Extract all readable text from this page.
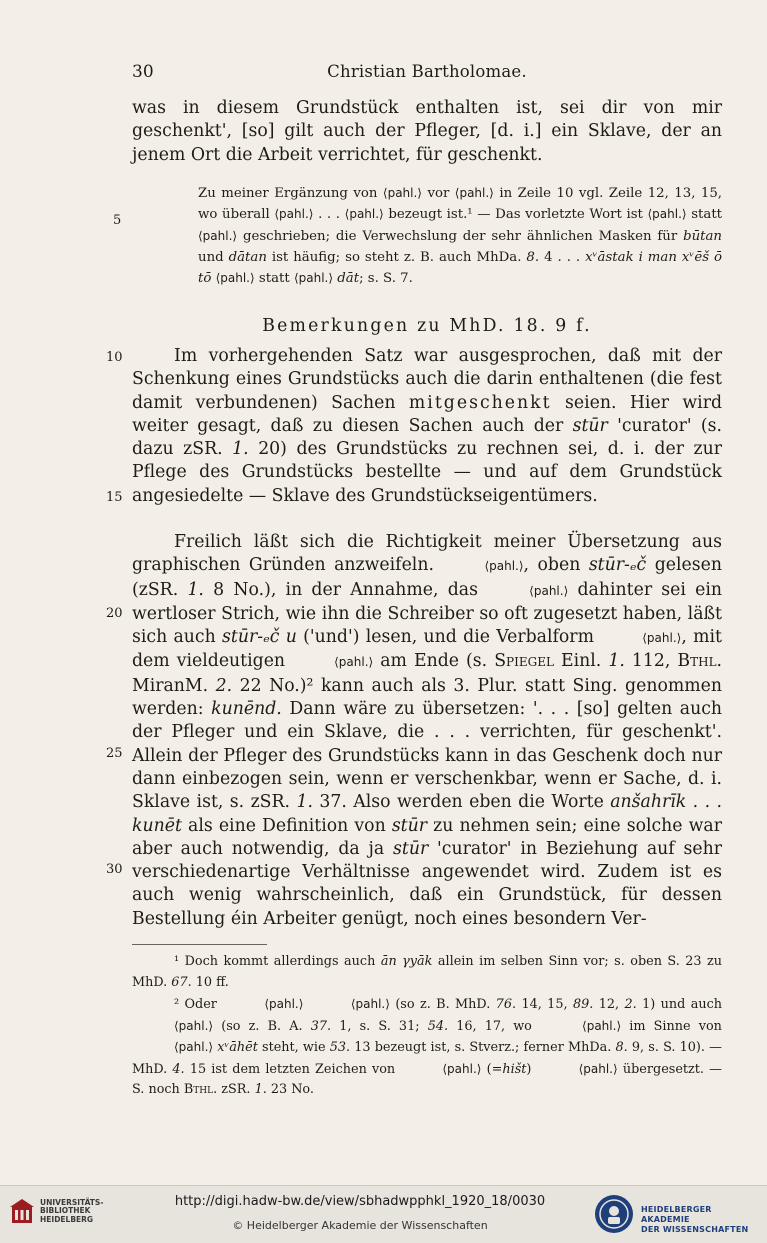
30	Christian Bartholomae.
was in diesem Grundstück enthalten ist, sei dir von mir geschenkt', [so] gilt auch der Pfleger, [d. i.] ein Sklave, der an jenem Ort die Arbeit verrichtet, für geschenkt.
Zu meiner Ergänzung von ⟨pahl.⟩ vor ⟨pahl.⟩ in Zeile 10 vgl. Zeile 12, 13, 15, wo überall ⟨pahl.⟩ . . . ⟨pahl.⟩ bezeugt ist.¹ — Das vorletzte Wort ist ⟨pahl.⟩ statt ⟨pahl.⟩ geschrieben; die Verwechslung der sehr ähnlichen Masken für būtan und dātan ist häufig; so steht z. B. auch MhDa. 8. 4 . . . xᵛāstak i man xᵛēš ō tō ⟨pahl.⟩ statt ⟨pahl.⟩ dāt; s. S. 7.
Bemerkungen zu MhD. 18. 9 f.
Im vorhergehenden Satz war ausgesprochen, daß mit der Schenkung eines Grundstücks auch die darin enthaltenen (die fest damit verbundenen) Sachen mitgeschenkt seien. Hier wird weiter gesagt, daß zu diesen Sachen auch der stūr 'curator' (s. dazu zSR. 1. 20) des Grundstücks zu rechnen sei, d. i. der zur Pflege des Grundstücks bestellte — und auf dem Grundstück angesiedelte — Sklave des Grundstückseigentümers.
Freilich läßt sich die Richtigkeit meiner Übersetzung aus graphischen Gründen anzweifeln.	⟨pahl.⟩, oben stūr-ₑč gelesen (zSR. 1. 8 No.), in der Annahme, das	⟨pahl.⟩ dahinter sei ein wertloser Strich, wie ihn die Schreiber so oft zugesetzt haben, läßt sich auch stūr-ₑč u ('und') lesen, und die Verbalform	⟨pahl.⟩, mit dem vieldeutigen	⟨pahl.⟩ am Ende (s. Spiegel Einl. 1. 112, Bthl. MiranM. 2. 22 No.)² kann auch als 3. Plur. statt Sing. genommen werden: kunēnd. Dann wäre zu übersetzen: '. . . [so] gelten auch der Pfleger und ein Sklave, die . . . verrichten, für geschenkt'. Allein der Pfleger des Grundstücks kann in das Geschenk doch nur dann einbezogen sein, wenn er verschenkbar, wenn er Sache, d. i. Sklave ist, s. zSR. 1. 37. Also werden eben die Worte anšahrīk . . . kunēt als eine Definition von stūr zu nehmen sein; eine solche war aber auch notwendig, da ja stūr 'curator' in Beziehung auf sehr verschiedenartige Verhältnisse angewendet wird. Zudem ist es auch wenig wahrscheinlich, daß ein Grundstück, für dessen Bestellung éin Arbeiter genügt, noch eines besondern Ver-
5
10
15
20
25
30
¹ Doch kommt allerdings auch ān γyāk allein im selben Sinn vor; s. oben S. 23 zu MhD. 67. 10 ff.
² Oder	⟨pahl.⟩	⟨pahl.⟩ (so z. B. MhD. 76. 14, 15, 89. 12, 2. 1) und auch ⟨pahl.⟩ (so z. B. A. 37. 1, s. S. 31; 54. 16, 17, wo	⟨pahl.⟩ im Sinne von ⟨pahl.⟩ xᵛāhēt steht, wie 53. 13 bezeugt ist, s. Stverz.; ferner MhDa. 8. 9, s. S. 10). — MhD. 4. 15 ist dem letzten Zeichen von	⟨pahl.⟩ (=hišt)	⟨pahl.⟩ übergesetzt. — S. noch Bthl. zSR. 1. 23 No.
UNIVERSITÄTS-
BIBLIOTHEK
HEIDELBERG
http://digi.hadw-bw.de/view/sbhadwpphkl_1920_18/0030
© Heidelberger Akademie der Wissenschaften
HEIDELBERGER AKADEMIE
DER WISSENSCHAFTEN
